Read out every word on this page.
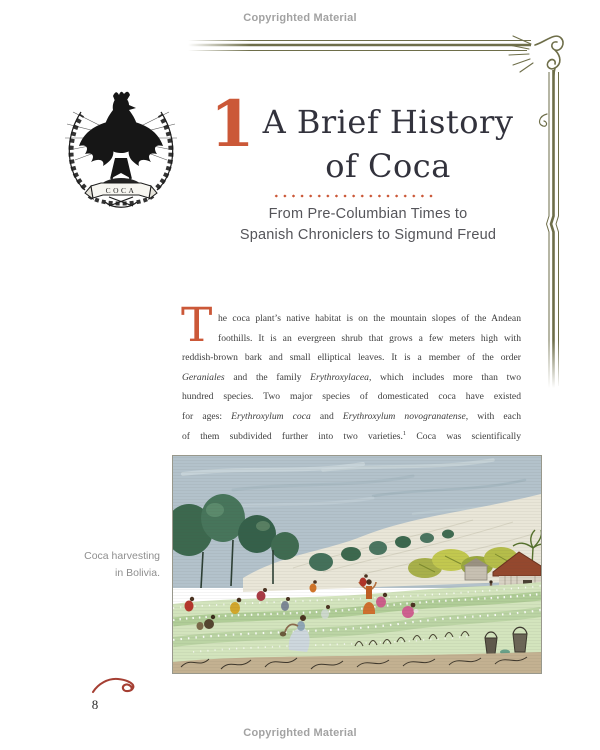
Copyrighted Material
COCA
1 A Brief History
of Coca
From Pre-Columbian Times to
Spanish Chroniclers to Sigmund Freud
T he coca plant’s native habitat is on the mountain slopes of the Andean
foothills. It is an evergreen shrub that grows a few meters high with
reddish-brown bark and small elliptical leaves. It is a member of the order
Geraniales and the family Erythroxylacea, which includes more than two
hundred species. Two major species of domesticated coca have existed
for ages: Erythroxylum coca and Erythroxylum novogranatense, with each
of them subdivided further into two varieties.$^1$ Coca was scientifically
Coca harvesting
in Bolivia.
8
Copyrighted Material
